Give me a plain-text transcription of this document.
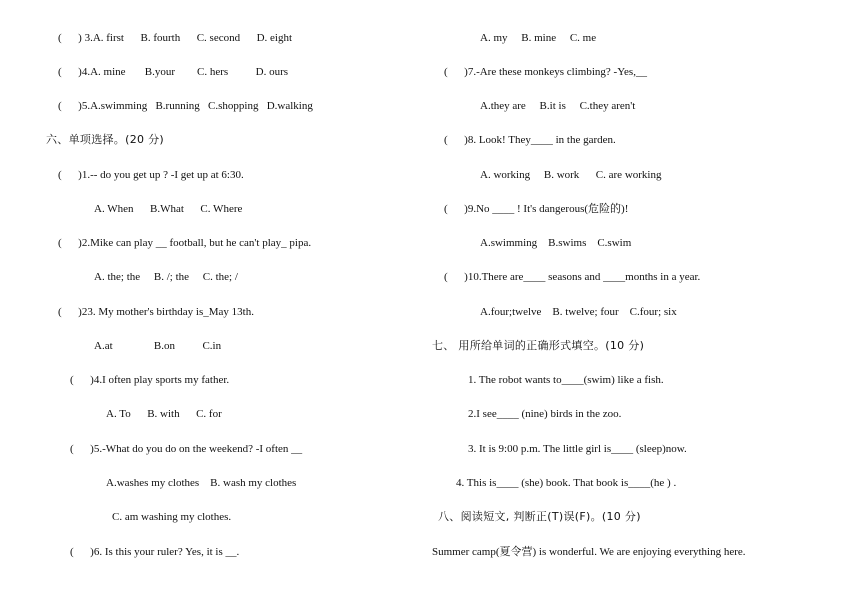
(      ) 3.A. first      B. fourth      C. second      D. eight
(      )4.A. mine       B.your        C. hers          D. ours
(      )5.A.swimming   B.running   C.shopping   D.walking
六、单项选择。(20 分)
(      )1.-- do you get up ? -I get up at 6:30.
A. When      B.What      C. Where
(      )2.Mike can play __ football, but he can't play_ pipa.
A. the; the     B. /; the     C. the; /
(      )23. My mother's birthday is_May 13th.
A.at               B.on          C.in
(      )4.I often play sports my father.
A. To      B. with      C. for
(      )5.-What do you do on the weekend? -I often __
A.washes my clothes    B. wash my clothes
C. am washing my clothes.
(      )6. Is this your ruler? Yes, it is __.
A. my     B. mine     C. me
(      )7.-Are these monkeys climbing? -Yes,__
A.they are     B.it is     C.they aren't
(      )8. Look! They____ in the garden.
A. working     B. work      C. are working
(      )9.No ____ ! It's dangerous(危险的)!
A.swimming    B.swims    C.swim
(      )10.There are____ seasons and ____months in a year.
A.four;twelve    B. twelve; four    C.four; six
七、 用所给单词的正确形式填空。(10 分)
1. The robot wants to____(swim) like a fish.
2.I see____ (nine) birds in the zoo.
3. It is 9:00 p.m. The little girl is____ (sleep)now.
4. This is____ (she) book. That book is____(he ) .
八、阅读短文, 判断正(T)误(F)。(10 分)
Summer camp(夏令营) is wonderful. We are enjoying everything here.
